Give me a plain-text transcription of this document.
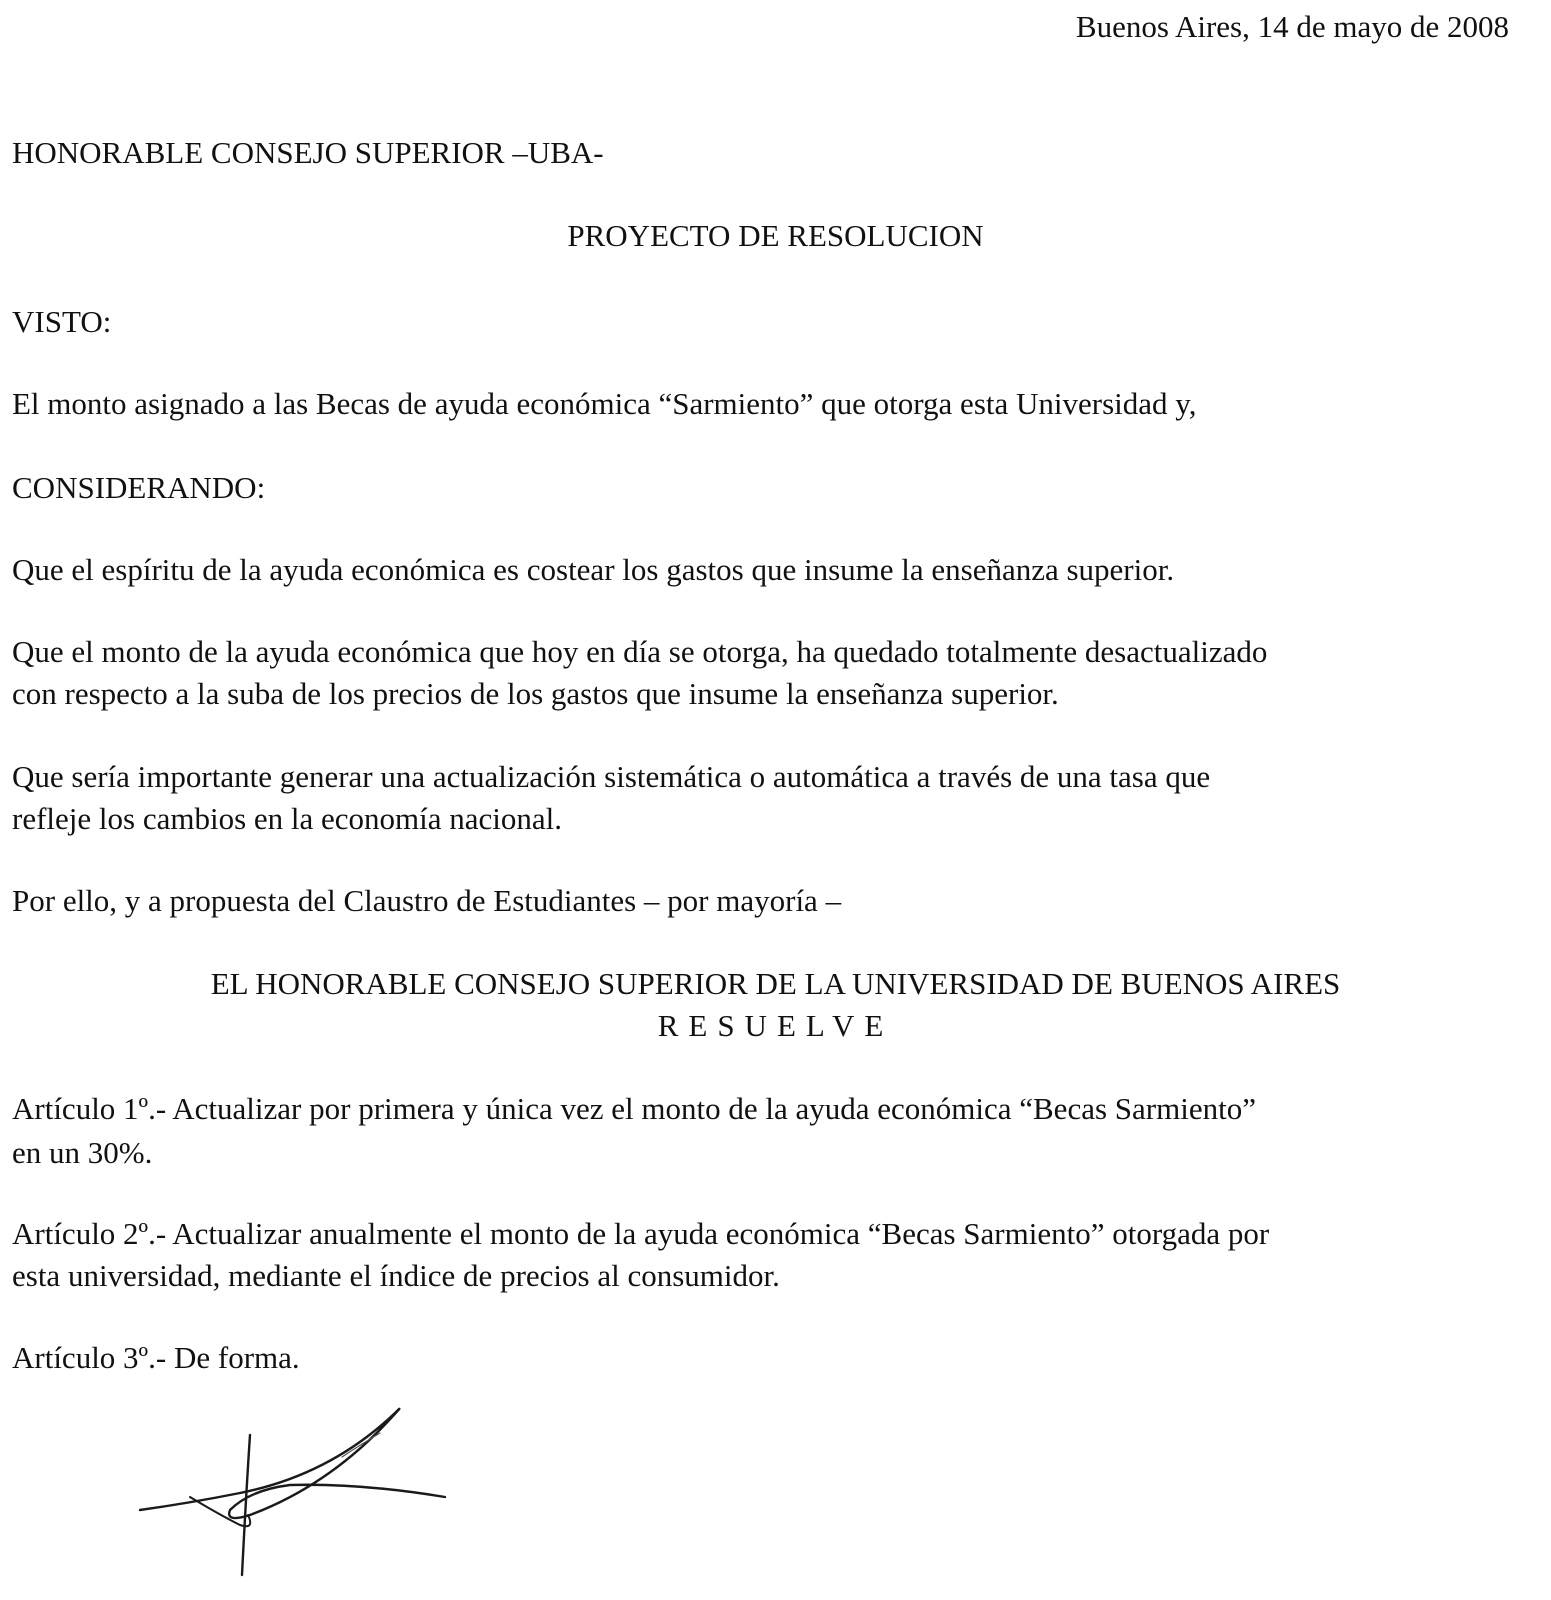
Buenos Aires, 14 de mayo de 2008

HONORABLE CONSEJO SUPERIOR –UBA-

PROYECTO DE RESOLUCION

VISTO:

El monto asignado a las Becas de ayuda económica “Sarmiento” que otorga esta Universidad y,

CONSIDERANDO:

Que el espíritu de la ayuda económica es costear los gastos que insume la enseñanza superior.

Que el monto de la ayuda económica que hoy en día se otorga, ha quedado totalmente desactualizado

con respecto a la suba de los precios de los gastos que insume la enseñanza superior.

Que sería importante generar una actualización sistemática o automática a través de una tasa que

refleje los cambios en la economía nacional.

Por ello, y a propuesta del Claustro de Estudiantes – por mayoría –

EL HONORABLE CONSEJO SUPERIOR DE LA UNIVERSIDAD DE BUENOS AIRES

RESUELVE

Artículo 1º.- Actualizar por primera y única vez el monto de la ayuda económica “Becas Sarmiento”

en un 30%.

Artículo 2º.- Actualizar anualmente el monto de la ayuda económica “Becas Sarmiento” otorgada por

esta universidad, mediante el índice de precios al consumidor.

Artículo 3º.- De forma.
